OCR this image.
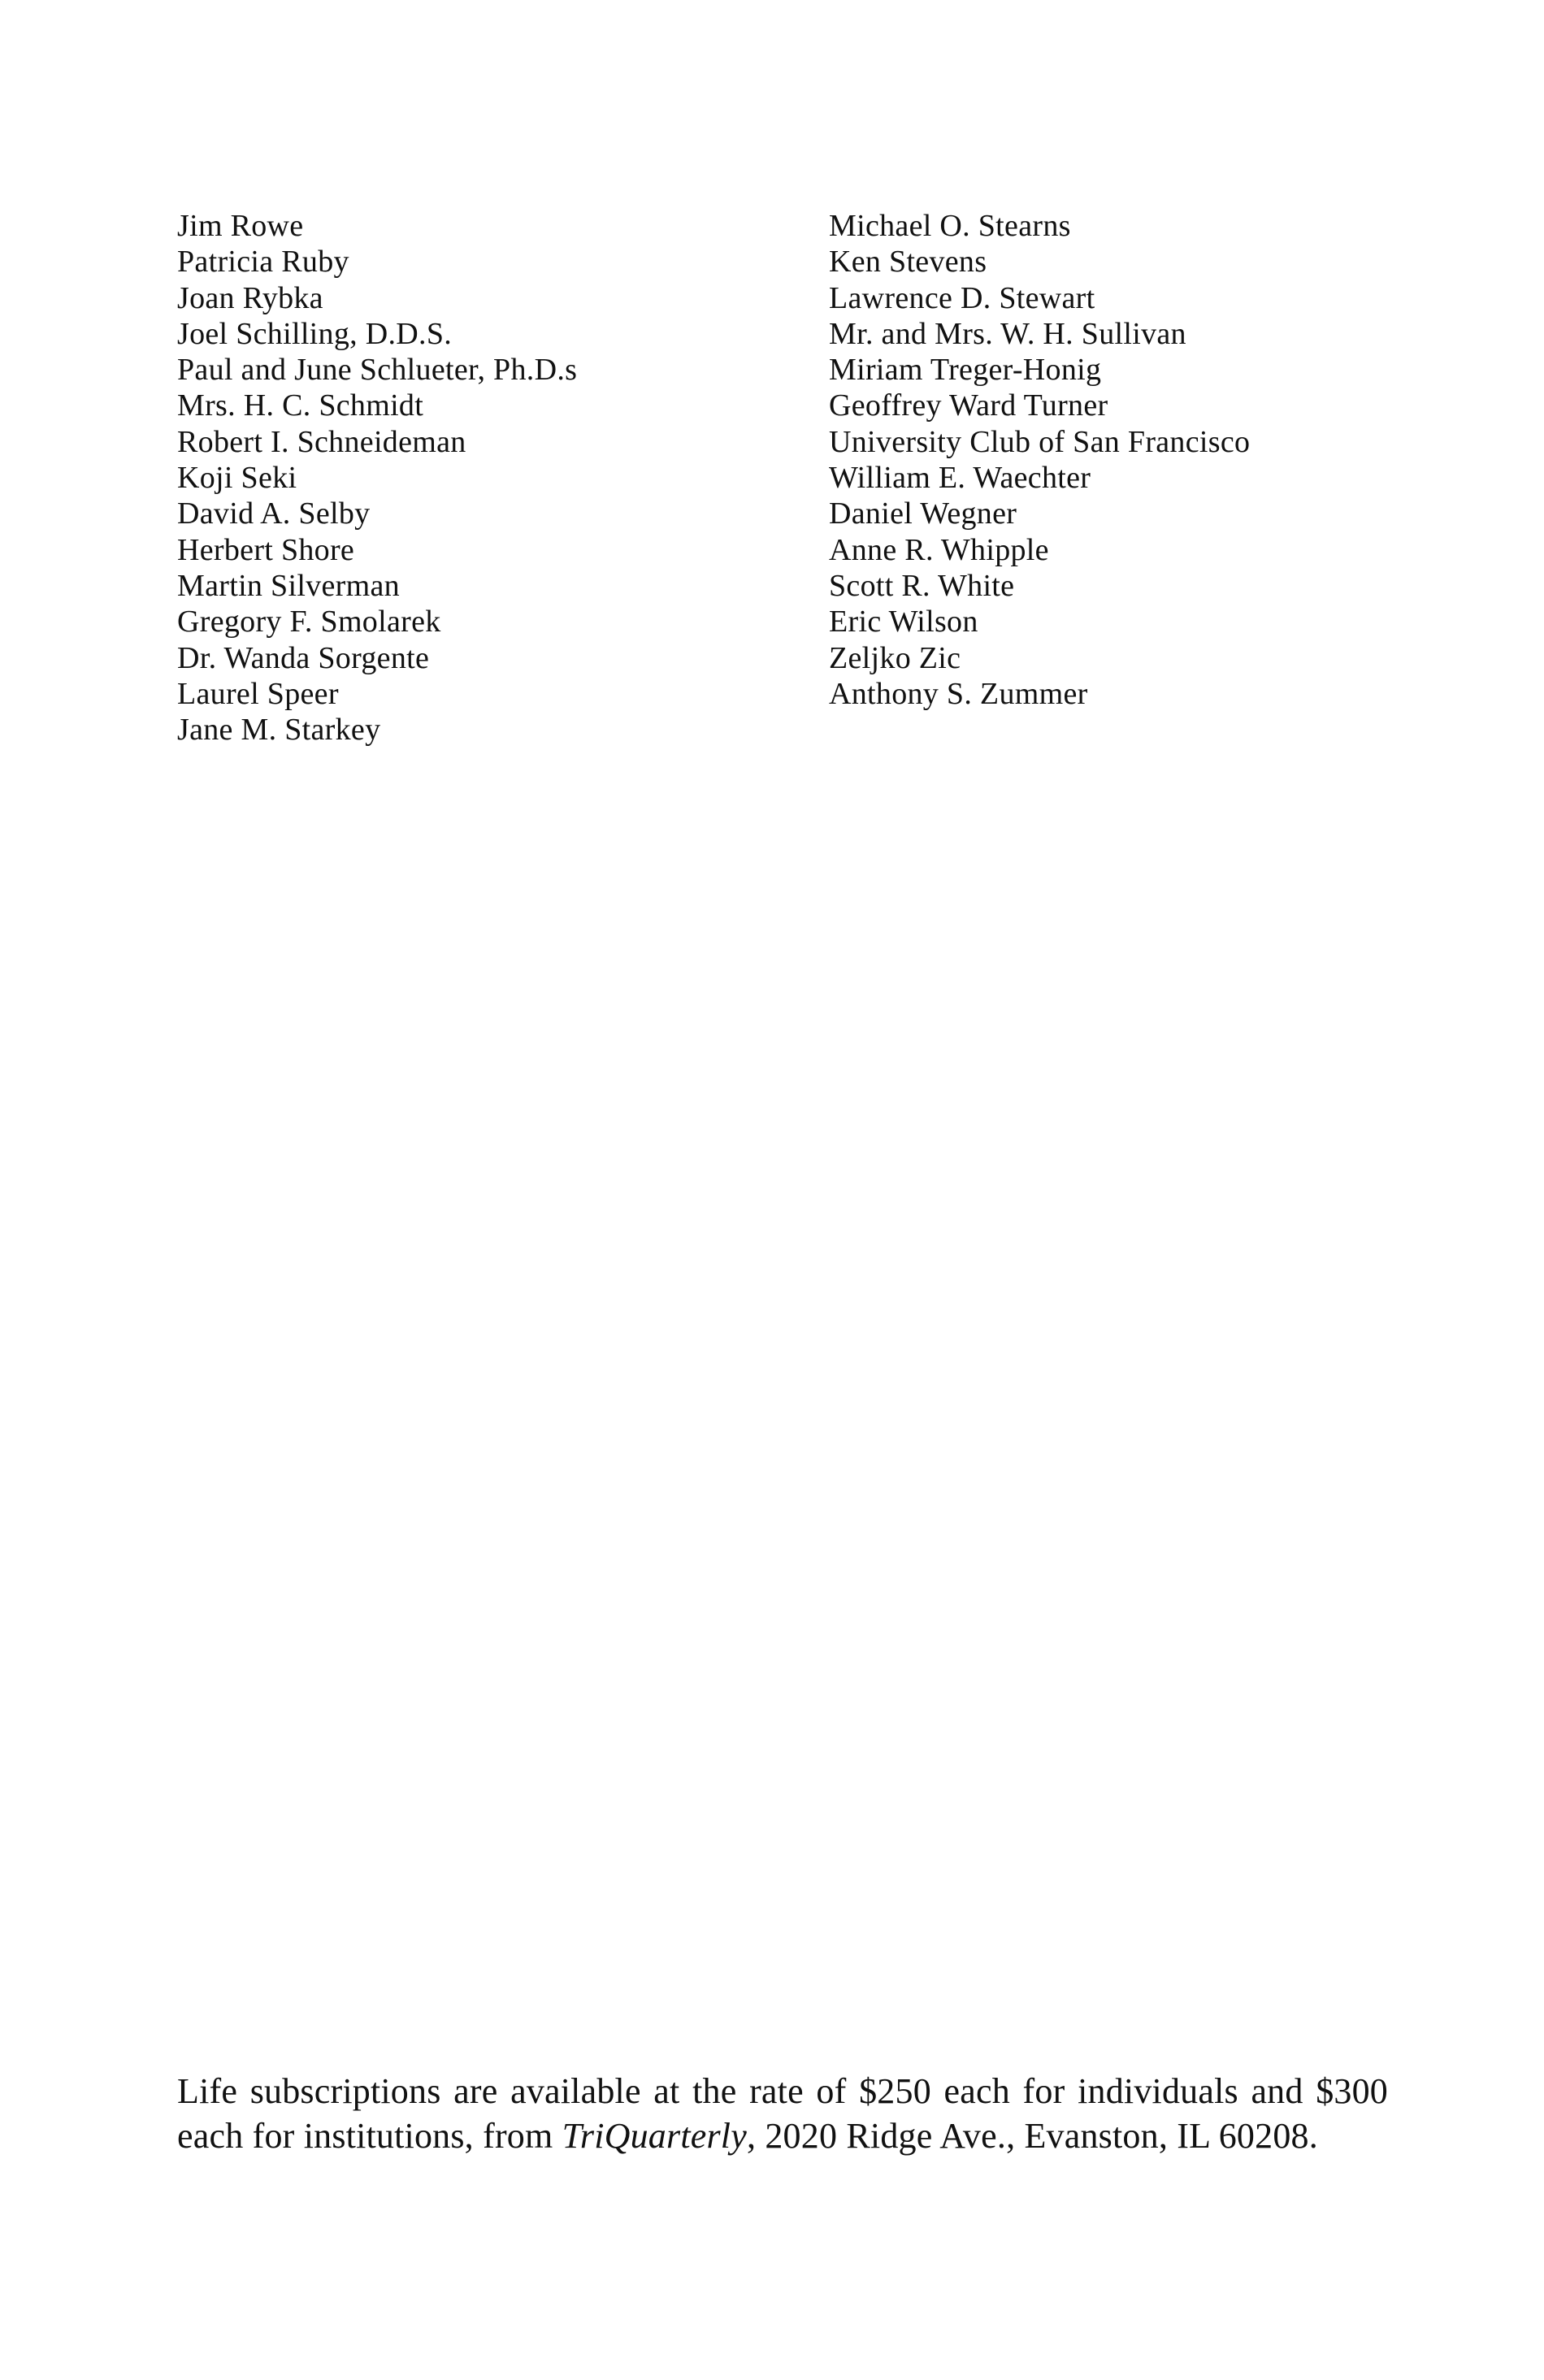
Jim Rowe
Patricia Ruby
Joan Rybka
Joel Schilling, D.D.S.
Paul and June Schlueter, Ph.D.s
Mrs. H. C. Schmidt
Robert I. Schneideman
Koji Seki
David A. Selby
Herbert Shore
Martin Silverman
Gregory F. Smolarek
Dr. Wanda Sorgente
Laurel Speer
Jane M. Starkey
Michael O. Stearns
Ken Stevens
Lawrence D. Stewart
Mr. and Mrs. W. H. Sullivan
Miriam Treger-Honig
Geoffrey Ward Turner
University Club of San Francisco
William E. Waechter
Daniel Wegner
Anne R. Whipple
Scott R. White
Eric Wilson
Zeljko Zic
Anthony S. Zummer

Life subscriptions are available at the rate of $250 each for individuals and $300 each for institutions, from TriQuarterly, 2020 Ridge Ave., Evanston, IL 60208.
